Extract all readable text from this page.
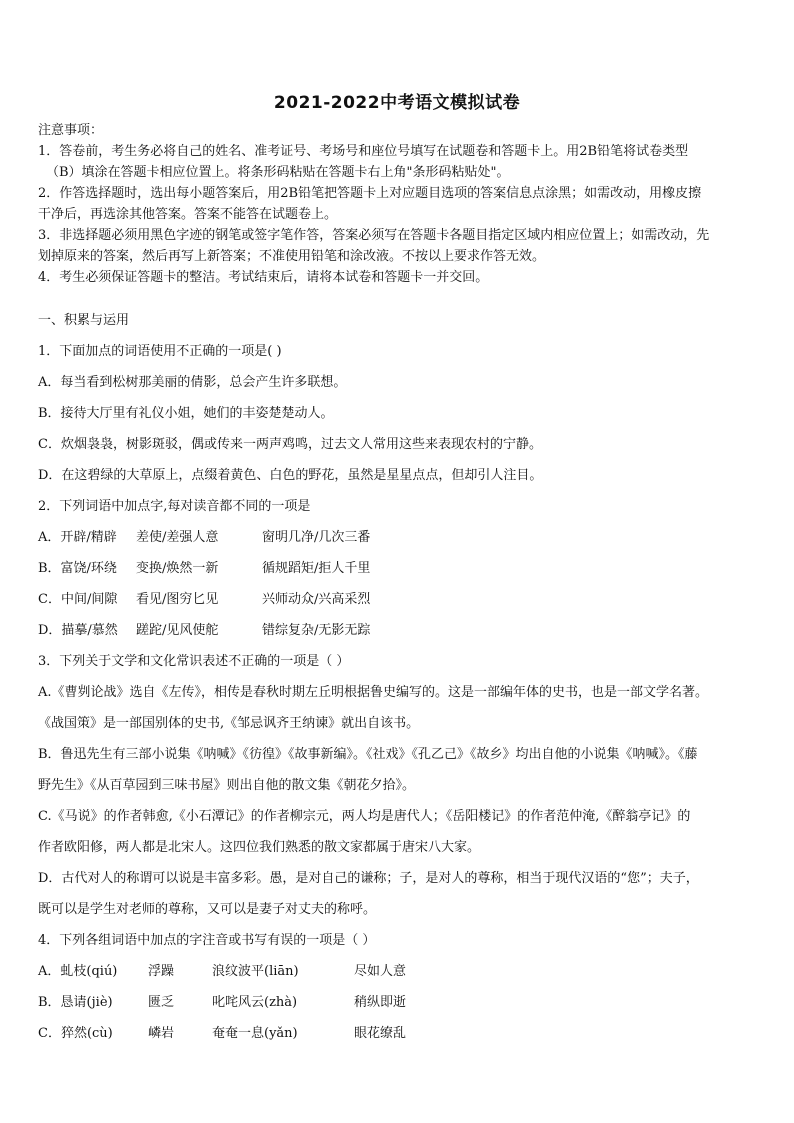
2021-2022中考语文模拟试卷
注意事项：
1．答卷前，考生务必将自己的姓名、准考证号、考场号和座位号填写在试题卷和答题卡上。用2B铅笔将试卷类型
（B）填涂在答题卡相应位置上。将条形码粘贴在答题卡右上角"条形码粘贴处"。
2．作答选择题时，选出每小题答案后，用2B铅笔把答题卡上对应题目选项的答案信息点涂黑；如需改动，用橡皮擦
干净后，再选涂其他答案。答案不能答在试题卷上。
3．非选择题必须用黑色字迹的钢笔或签字笔作答，答案必须写在答题卡各题目指定区域内相应位置上；如需改动，先
划掉原来的答案，然后再写上新答案；不准使用铅笔和涂改液。不按以上要求作答无效。
4．考生必须保证答题卡的整洁。考试结束后，请将本试卷和答题卡一并交回。
一、积累与运用
1．下面加点的词语使用不正确的一项是( )
A．每当看到松树那美丽的倩影，总会产生许多联想。
B．接待大厅里有礼仪小姐，她们的丰姿楚楚动人。
C．炊烟袅袅，树影斑驳，偶或传来一两声鸡鸣，过去文人常用这些来表现农村的宁静。
D．在这碧绿的大草原上，点缀着黄色、白色的野花，虽然是星星点点，但却引人注目。
2．下列词语中加点字,每对读音都不同的一项是
A．开辟/精辟	差使/差强人意	窗明几净/几次三番
B．富饶/环绕	变换/焕然一新	循规蹈矩/拒人千里
C．中间/间隙	看见/图穷匕见	兴师动众/兴高采烈
D．描摹/慕然	蹉跎/见风使舵	错综复杂/无影无踪
3．下列关于文学和文化常识表述不正确的一项是（ ）
A.《曹刿论战》选自《左传》，相传是春秋时期左丘明根据鲁史编写的。这是一部编年体的史书，也是一部文学名著。
《战国策》是一部国别体的史书,《邹忌讽齐王纳谏》就出自该书。
B．鲁迅先生有三部小说集《呐喊》《彷徨》《故事新编》。《社戏》《孔乙己》《故乡》均出自他的小说集《呐喊》。《藤
野先生》《从百草园到三味书屋》则出自他的散文集《朝花夕拾》。
C.《马说》的作者韩愈,《小石潭记》的作者柳宗元，两人均是唐代人；《岳阳楼记》的作者范仲淹,《醉翁亭记》的
作者欧阳修，两人都是北宋人。这四位我们熟悉的散文家都属于唐宋八大家。
D．古代对人的称谓可以说是丰富多彩。愚，是对自己的谦称；子，是对人的尊称，相当于现代汉语的“您”；夫子，
既可以是学生对老师的尊称，又可以是妻子对丈夫的称呼。
4．下列各组词语中加点的字注音或书写有误的一项是（ ）
A．虬枝(qiú)	浮躁	浪纹波平(liān)	尽如人意
B．恳请(jiè)	匮乏	叱咤风云(zhà)	稍纵即逝
C．猝然(cù)	嶙岩	奄奄一息(yǎn)	眼花缭乱
